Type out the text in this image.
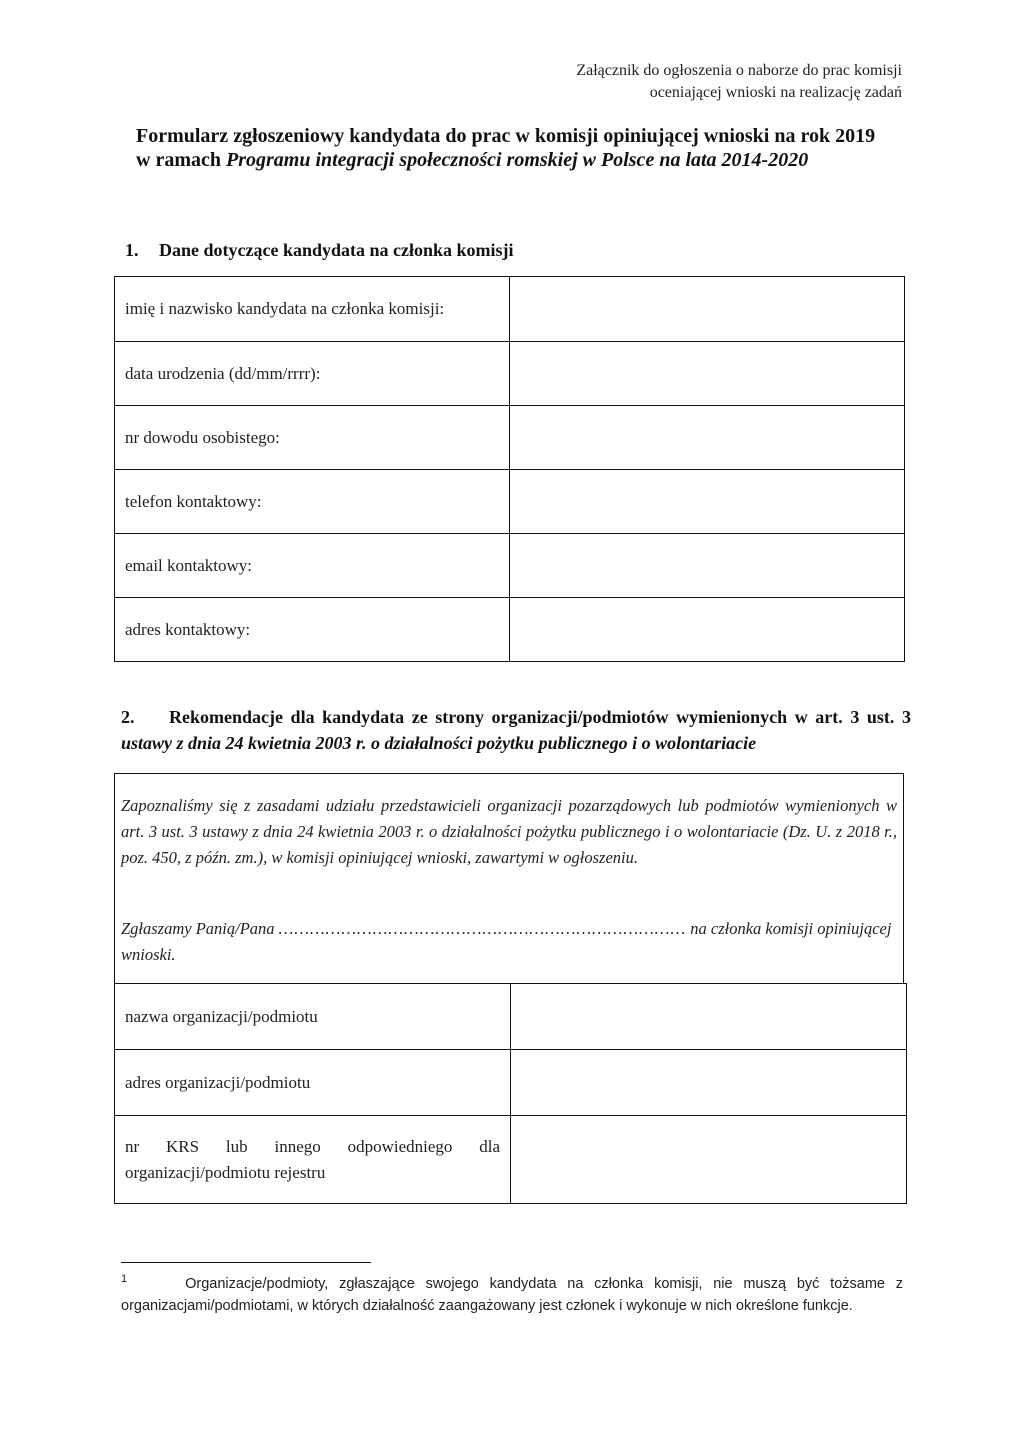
Załącznik do ogłoszenia o naborze do prac komisji
oceniającej wnioski na realizację zadań
Formularz zgłoszeniowy kandydata do prac w komisji opiniującej wnioski na rok 2019
w ramach Programu integracji społeczności romskiej w Polsce na lata 2014-2020
1. Dane dotyczące kandydata na członka komisji
imię i nazwisko kandydata na członka komisji:	
data urodzenia (dd/mm/rrrr):	
nr dowodu osobistego:	
telefon kontaktowy:	
email kontaktowy:	
adres kontaktowy:	
2. Rekomendacje dla kandydata ze strony organizacji/podmiotów wymienionych w art. 3 ust. 3 ustawy z dnia 24 kwietnia 2003 r. o działalności pożytku publicznego i o wolontariacie
Zapoznaliśmy się z zasadami udziału przedstawicieli organizacji pozarządowych lub podmiotów wymienionych w art. 3 ust. 3 ustawy z dnia 24 kwietnia 2003 r. o działalności pożytku publicznego i o wolontariacie (Dz. U. z 2018 r., poz. 450, z późn. zm.), w komisji opiniującej wnioski, zawartymi w ogłoszeniu.
Zgłaszamy Panią/Pana …………………………………………………………………… na członka komisji opiniującej wnioski.
nazwa organizacji/podmiotu	
adres organizacji/podmiotu	
nr KRS lub innego odpowiedniego dla organizacji/podmiotu rejestru	
$^1$	Organizacje/podmioty, zgłaszające swojego kandydata na członka komisji, nie muszą być tożsame z organizacjami/podmiotami, w których działalność zaangażowany jest członek i wykonuje w nich określone funkcje.
